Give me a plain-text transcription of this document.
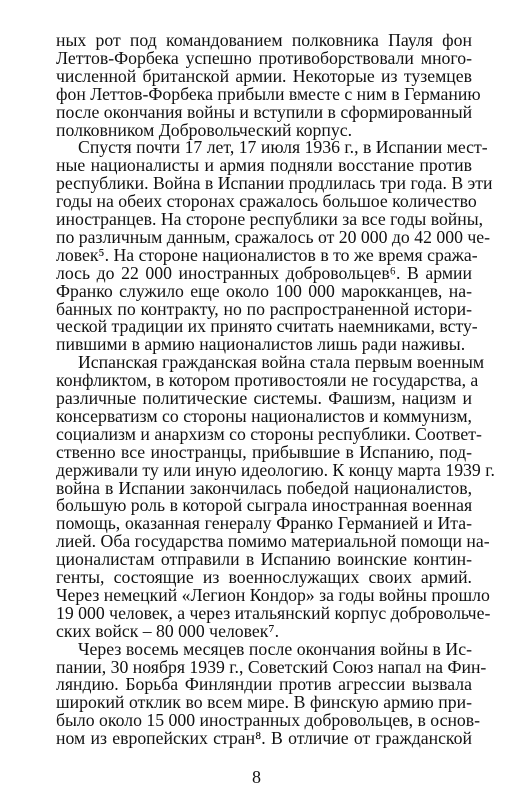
ных рот под командованием полковника Пауля фон
Леттов-Форбека успешно противоборствовали много-
численной британской армии. Некоторые из туземцев
фон Леттов-Форбека прибыли вместе с ним в Германию
после окончания войны и вступили в сформированный
полковником Добровольческий корпус.
Спустя почти 17 лет, 17 июля 1936 г., в Испании мест-
ные националисты и армия подняли восстание против
республики. Война в Испании продлилась три года. В эти
годы на обеих сторонах сражалось большое количество
иностранцев. На стороне республики за все годы войны,
по различным данным, сражалось от 20 000 до 42 000 че-
ловек⁵. На стороне националистов в то же время сража-
лось до 22 000 иностранных добровольцев⁶. В армии
Франко служило еще около 100 000 марокканцев, на-
банных по контракту, но по распространенной истори-
ческой традиции их принято считать наемниками, всту-
пившими в армию националистов лишь ради наживы.
Испанская гражданская война стала первым военным
конфликтом, в котором противостояли не государства, а
различные политические системы. Фашизм, нацизм и
консерватизм со стороны националистов и коммунизм,
социализм и анархизм со стороны республики. Соответ-
ственно все иностранцы, прибывшие в Испанию, под-
держивали ту или иную идеологию. К концу марта 1939 г.
война в Испании закончилась победой националистов,
большую роль в которой сыграла иностранная военная
помощь, оказанная генералу Франко Германией и Ита-
лией. Оба государства помимо материальной помощи на-
ционалистам отправили в Испанию воинские контин-
генты, состоящие из военнослужащих своих армий.
Через немецкий «Легион Кондор» за годы войны прошло
19 000 человек, а через итальянский корпус добровольче-
ских войск – 80 000 человек⁷.
Через восемь месяцев после окончания войны в Ис-
пании, 30 ноября 1939 г., Советский Союз напал на Фин-
ляндию. Борьба Финляндии против агрессии вызвала
широкий отклик во всем мире. В финскую армию при-
было около 15 000 иностранных добровольцев, в основ-
ном из европейских стран⁸. В отличие от гражданской
8
